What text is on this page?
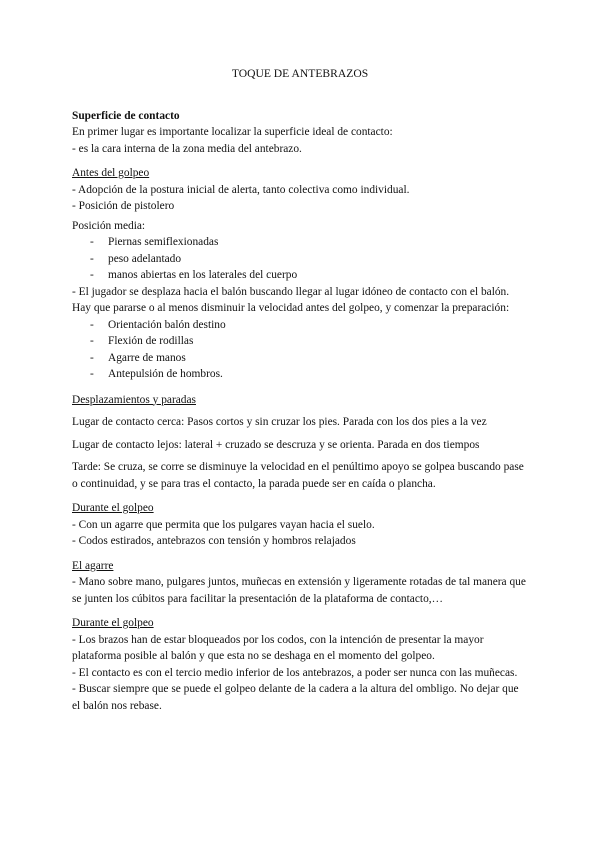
TOQUE DE ANTEBRAZOS

Superficie de contacto

En primer lugar es importante localizar la superficie ideal de contacto:

- es la cara interna de la zona media del antebrazo.

Antes del golpeo

- Adopción de la postura inicial de alerta, tanto colectiva como individual.

- Posición de pistolero

Posición media:

- Piernas semiflexionadas
- peso adelantado
- manos abiertas en los laterales del cuerpo

- El jugador se desplaza hacia el balón buscando llegar al lugar idóneo de contacto con el balón.

Hay que pararse o al menos disminuir la velocidad antes del golpeo, y comenzar la preparación:

- Orientación balón destino
- Flexión de rodillas
- Agarre de manos
- Antepulsión de hombros.

Desplazamientos y paradas

Lugar de contacto cerca: Pasos cortos y sin cruzar los pies. Parada con los dos pies a la vez

Lugar de contacto lejos: lateral + cruzado se descruza y se orienta. Parada en dos tiempos

Tarde: Se cruza, se corre se disminuye la velocidad en el penúltimo apoyo se golpea buscando pase o continuidad, y se para tras el contacto, la parada puede ser en caída o plancha.

Durante el golpeo

- Con un agarre que permita que los pulgares vayan hacia el suelo.

- Codos estirados, antebrazos con tensión y hombros relajados

El agarre

- Mano sobre mano, pulgares juntos, muñecas en extensión y ligeramente rotadas de tal manera que se junten los cúbitos para facilitar la presentación de la plataforma de contacto,…

Durante el golpeo

- Los brazos han de estar bloqueados por los codos, con la intención de presentar la mayor plataforma posible al balón y que esta no se deshaga en el momento del golpeo.

- El contacto es con el tercio medio inferior de los antebrazos, a poder ser nunca con las muñecas.

- Buscar siempre que se puede el golpeo delante de la cadera a la altura del ombligo. No dejar que el balón nos rebase.
